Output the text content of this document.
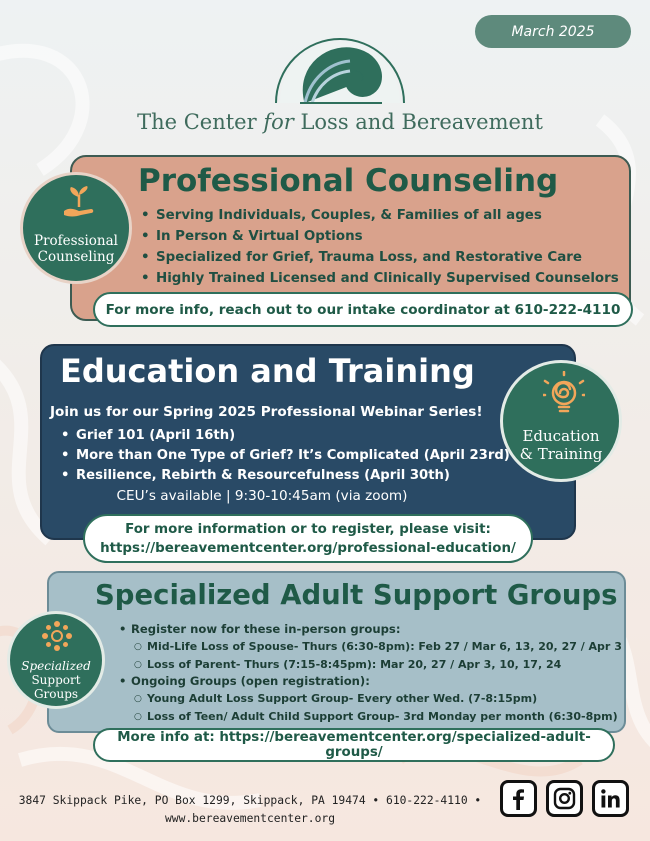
March 2025
The Center for Loss and Bereavement
Professional Counseling
• Serving Individuals, Couples, & Families of all ages
• In Person & Virtual Options
• Specialized for Grief, Trauma Loss, and Restorative Care
• Highly Trained Licensed and Clinically Supervised Counselors
Professional
Counseling
For more info, reach out to our intake coordinator at 610-222-4110
Education and Training
Join us for our Spring 2025 Professional Webinar Series!
• Grief 101 (April 16th)
• More than One Type of Grief? It’s Complicated (April 23rd)
• Resilience, Rebirth & Resourcefulness (April 30th)
CEU’s available | 9:30-10:45am (via zoom)
Education
& Training
For more information or to register, please visit:
https://bereavementcenter.org/professional-education/
Specialized Adult Support Groups
• Register now for these in-person groups:
○ Mid-Life Loss of Spouse- Thurs (6:30-8pm): Feb 27 / Mar 6, 13, 20, 27 / Apr 3
○ Loss of Parent- Thurs (7:15-8:45pm): Mar 20, 27 / Apr 3, 10, 17, 24
• Ongoing Groups (open registration):
○ Young Adult Loss Support Group- Every other Wed. (7-8:15pm)
○ Loss of Teen/ Adult Child Support Group- 3rd Monday per month (6:30-8pm)
Specialized
Support
Groups
More info at: https://bereavementcenter.org/specialized-adult-groups/
3847 Skippack Pike, PO Box 1299, Skippack, PA 19474 • 610-222-4110 •
www.bereavementcenter.org
